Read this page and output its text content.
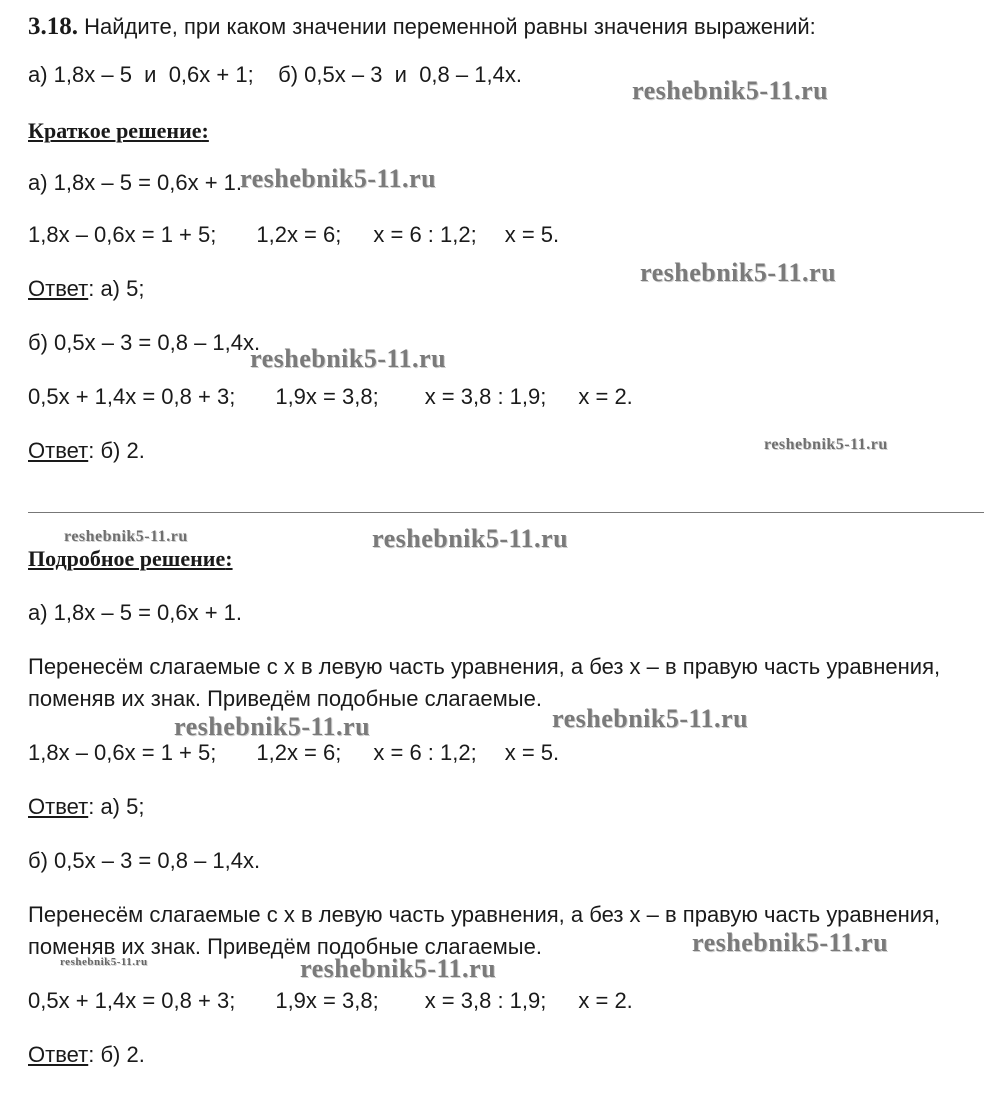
3.18. Найдите, при каком значении переменной равны значения выражений:
а) 1,8x – 5  и  0,6x + 1;    б) 0,5x – 3  и  0,8 – 1,4x.
Краткое решение:
а) 1,8x – 5 = 0,6x + 1.
1,8x – 0,6x = 1 + 5; 1,2x = 6; x = 6 : 1,2; x = 5.
Ответ: а) 5;
б) 0,5x – 3 = 0,8 – 1,4x.
0,5x + 1,4x = 0,8 + 3; 1,9x = 3,8; x = 3,8 : 1,9; x = 2.
Ответ: б) 2.
Подробное решение:
а) 1,8x – 5 = 0,6x + 1.
Перенесём слагаемые с x в левую часть уравнения, а без x – в правую часть уравнения,
поменяв их знак. Приведём подобные слагаемые.
1,8x – 0,6x = 1 + 5; 1,2x = 6; x = 6 : 1,2; x = 5.
Ответ: а) 5;
б) 0,5x – 3 = 0,8 – 1,4x.
Перенесём слагаемые с x в левую часть уравнения, а без x – в правую часть уравнения,
поменяв их знак. Приведём подобные слагаемые.
0,5x + 1,4x = 0,8 + 3; 1,9x = 3,8; x = 3,8 : 1,9; x = 2.
Ответ: б) 2.
reshebnik5-11.ru
reshebnik5-11.ru
reshebnik5-11.ru
reshebnik5-11.ru
reshebnik5-11.ru
reshebnik5-11.ru	reshebnik5-11.ru
reshebnik5-11.ru	reshebnik5-11.ru
reshebnik5-11.ru
reshebnik5-11.ru	reshebnik5-11.ru
